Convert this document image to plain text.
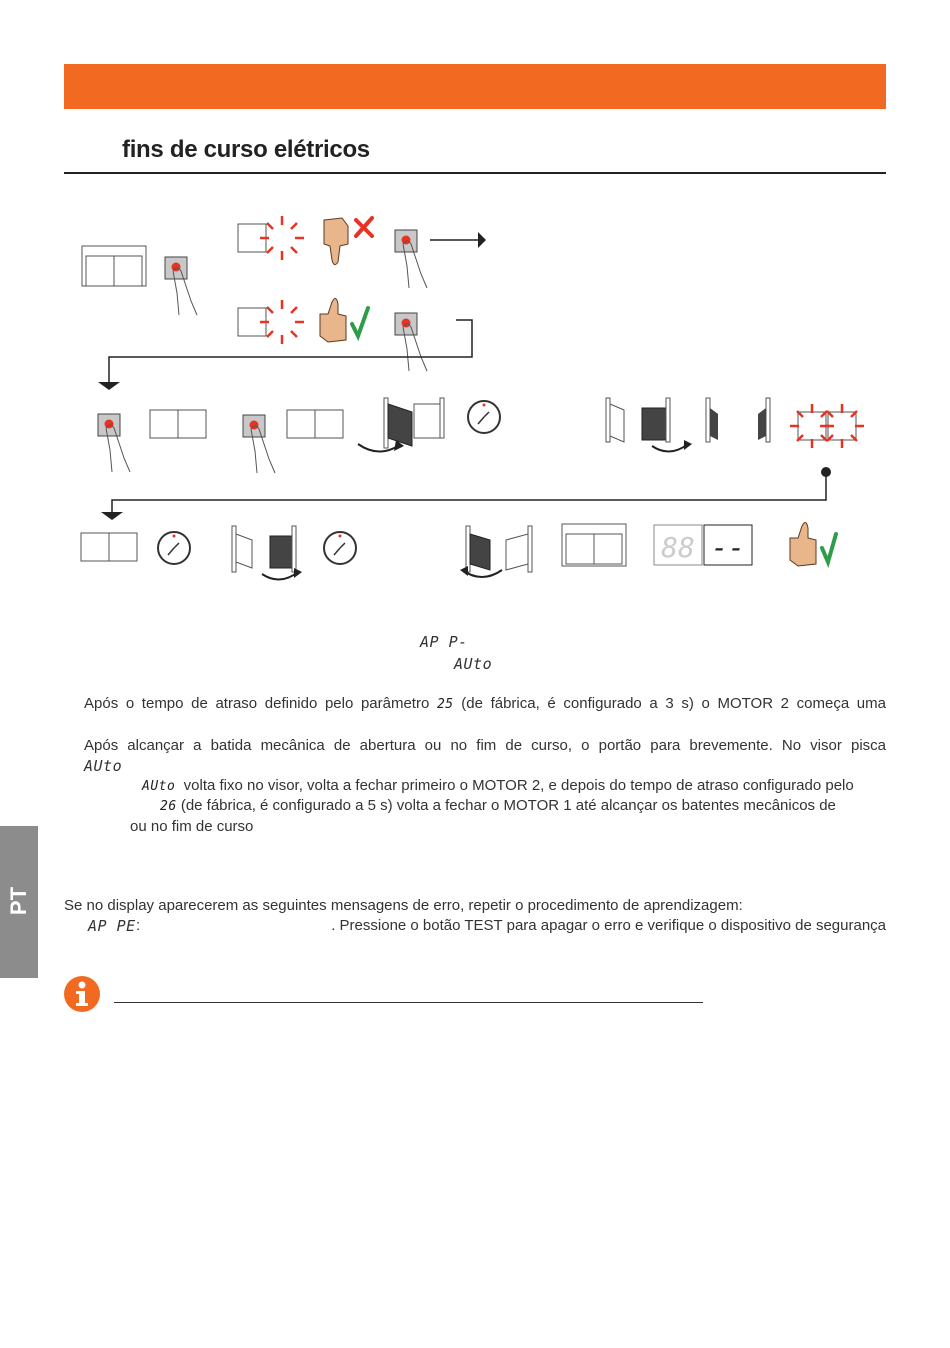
fins de curso elétricos
88 --
AP P-
AUto
Após o tempo de atraso definido pelo parâmetro 25 (de fábrica, é configurado a 3 s) o MOTOR 2 começa uma
Após alcançar a batida mecânica de abertura ou no fim de curso, o portão para brevemente. No visor pisca
AUto
AUto volta fixo no visor, volta a fechar primeiro o MOTOR 2, e depois do tempo de atraso configurado pelo
26 (de fábrica, é configurado a 5 s) volta a fechar o MOTOR 1 até alcançar os batentes mecânicos de
ou no fim de curso
Se no display aparecerem as seguintes mensagens de erro, repetir o procedimento de aprendizagem:
AP PE :	. Pressione o botão TEST para apagar o erro e verifique o dispositivo de segurança
PT
